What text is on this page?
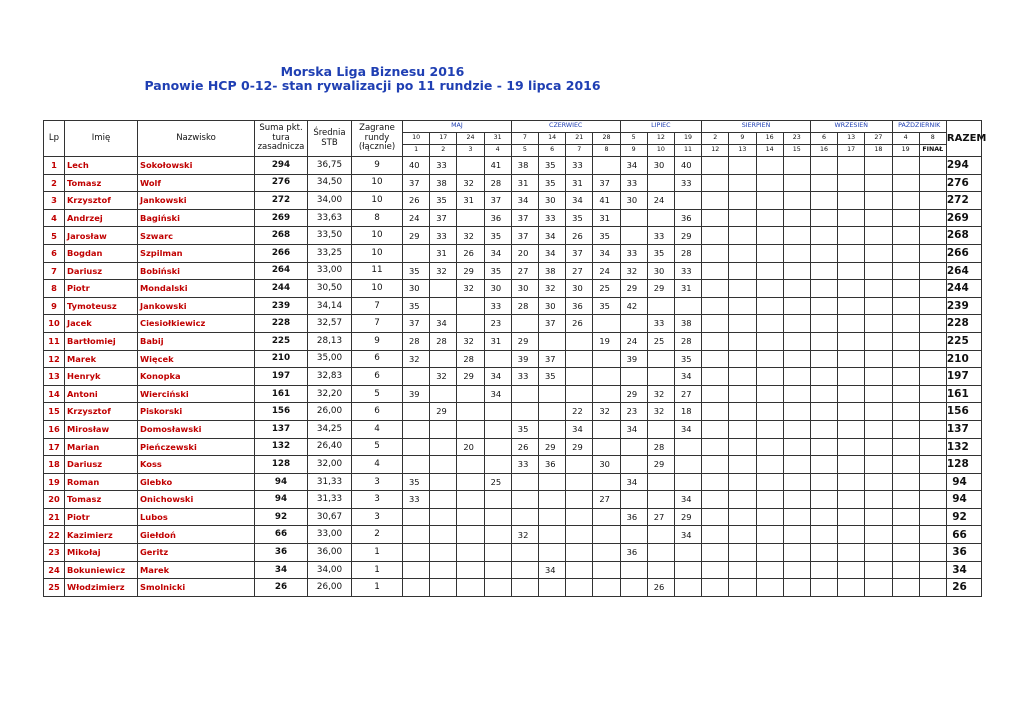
Morska Liga Biznesu 2016
Panowie HCP 0-12- stan rywalizacji po 11 rundzie - 19 lipca 2016
Lp	Imię	Nazwisko	Suma pkt. tura zasadnicza	Średnia STB	Zagrane rundy (łącznie)	MAJ				CZERWIEC				LIPIEC			SIERPIEŃ				WRZESIEŃ			PAŹDZIERNIK		RAZEM
						10	17	24	31	7	14	21	28	5	12	19	2	9	16	23	6	13	27	4	8	
						1	2	3	4	5	6	7	8	9	10	11	12	13	14	15	16	17	18	19	FINAŁ	
1	Lech	Sokołowski	294	36,75	9	40	33		41	38	35	33		34	30	40										294
2	Tomasz	Wolf	276	34,50	10	37	38	32	28	31	35	31	37	33		33										276
3	Krzysztof	Jankowski	272	34,00	10	26	35	31	37	34	30	34	41	30	24											272
4	Andrzej	Bagiński	269	33,63	8	24	37		36	37	33	35	31			36										269
5	Jarosław	Szwarc	268	33,50	10	29	33	32	35	37	34	26	35		33	29										268
6	Bogdan	Szpilman	266	33,25	10		31	26	34	20	34	37	34	33	35	28										266
7	Dariusz	Bobiński	264	33,00	11	35	32	29	35	27	38	27	24	32	30	33										264
8	Piotr	Mondalski	244	30,50	10	30		32	30	30	32	30	25	29	29	31										244
9	Tymoteusz	Jankowski	239	34,14	7	35			33	28	30	36	35	42												239
10	Jacek	Ciesiołkiewicz	228	32,57	7	37	34		23		37	26			33	38										228
11	Bartłomiej	Babij	225	28,13	9	28	28	32	31	29			19	24	25	28										225
12	Marek	Więcek	210	35,00	6	32		28		39	37			39		35										210
13	Henryk	Konopka	197	32,83	6		32	29	34	33	35					34										197
14	Antoni	Wierciński	161	32,20	5	39			34					29	32	27										161
15	Krzysztof	Piskorski	156	26,00	6		29					22	32	23	32	18										156
16	Mirosław	Domosławski	137	34,25	4					35		34		34		34										137
17	Marian	Pieńczewski	132	26,40	5			20		26	29	29			28											132
18	Dariusz	Koss	128	32,00	4					33	36		30		29											128
19	Roman	Glebko	94	31,33	3	35			25					34												94
20	Tomasz	Onichowski	94	31,33	3	33							27			34										94
21	Piotr	Lubos	92	30,67	3									36	27	29										92
22	Kazimierz	Giełdoń	66	33,00	2					32						34										66
23	Mikołaj	Geritz	36	36,00	1									36												36
24	Bokuniewicz	Marek	34	34,00	1						34															34
25	Włodzimierz	Smolnicki	26	26,00	1										26											26
